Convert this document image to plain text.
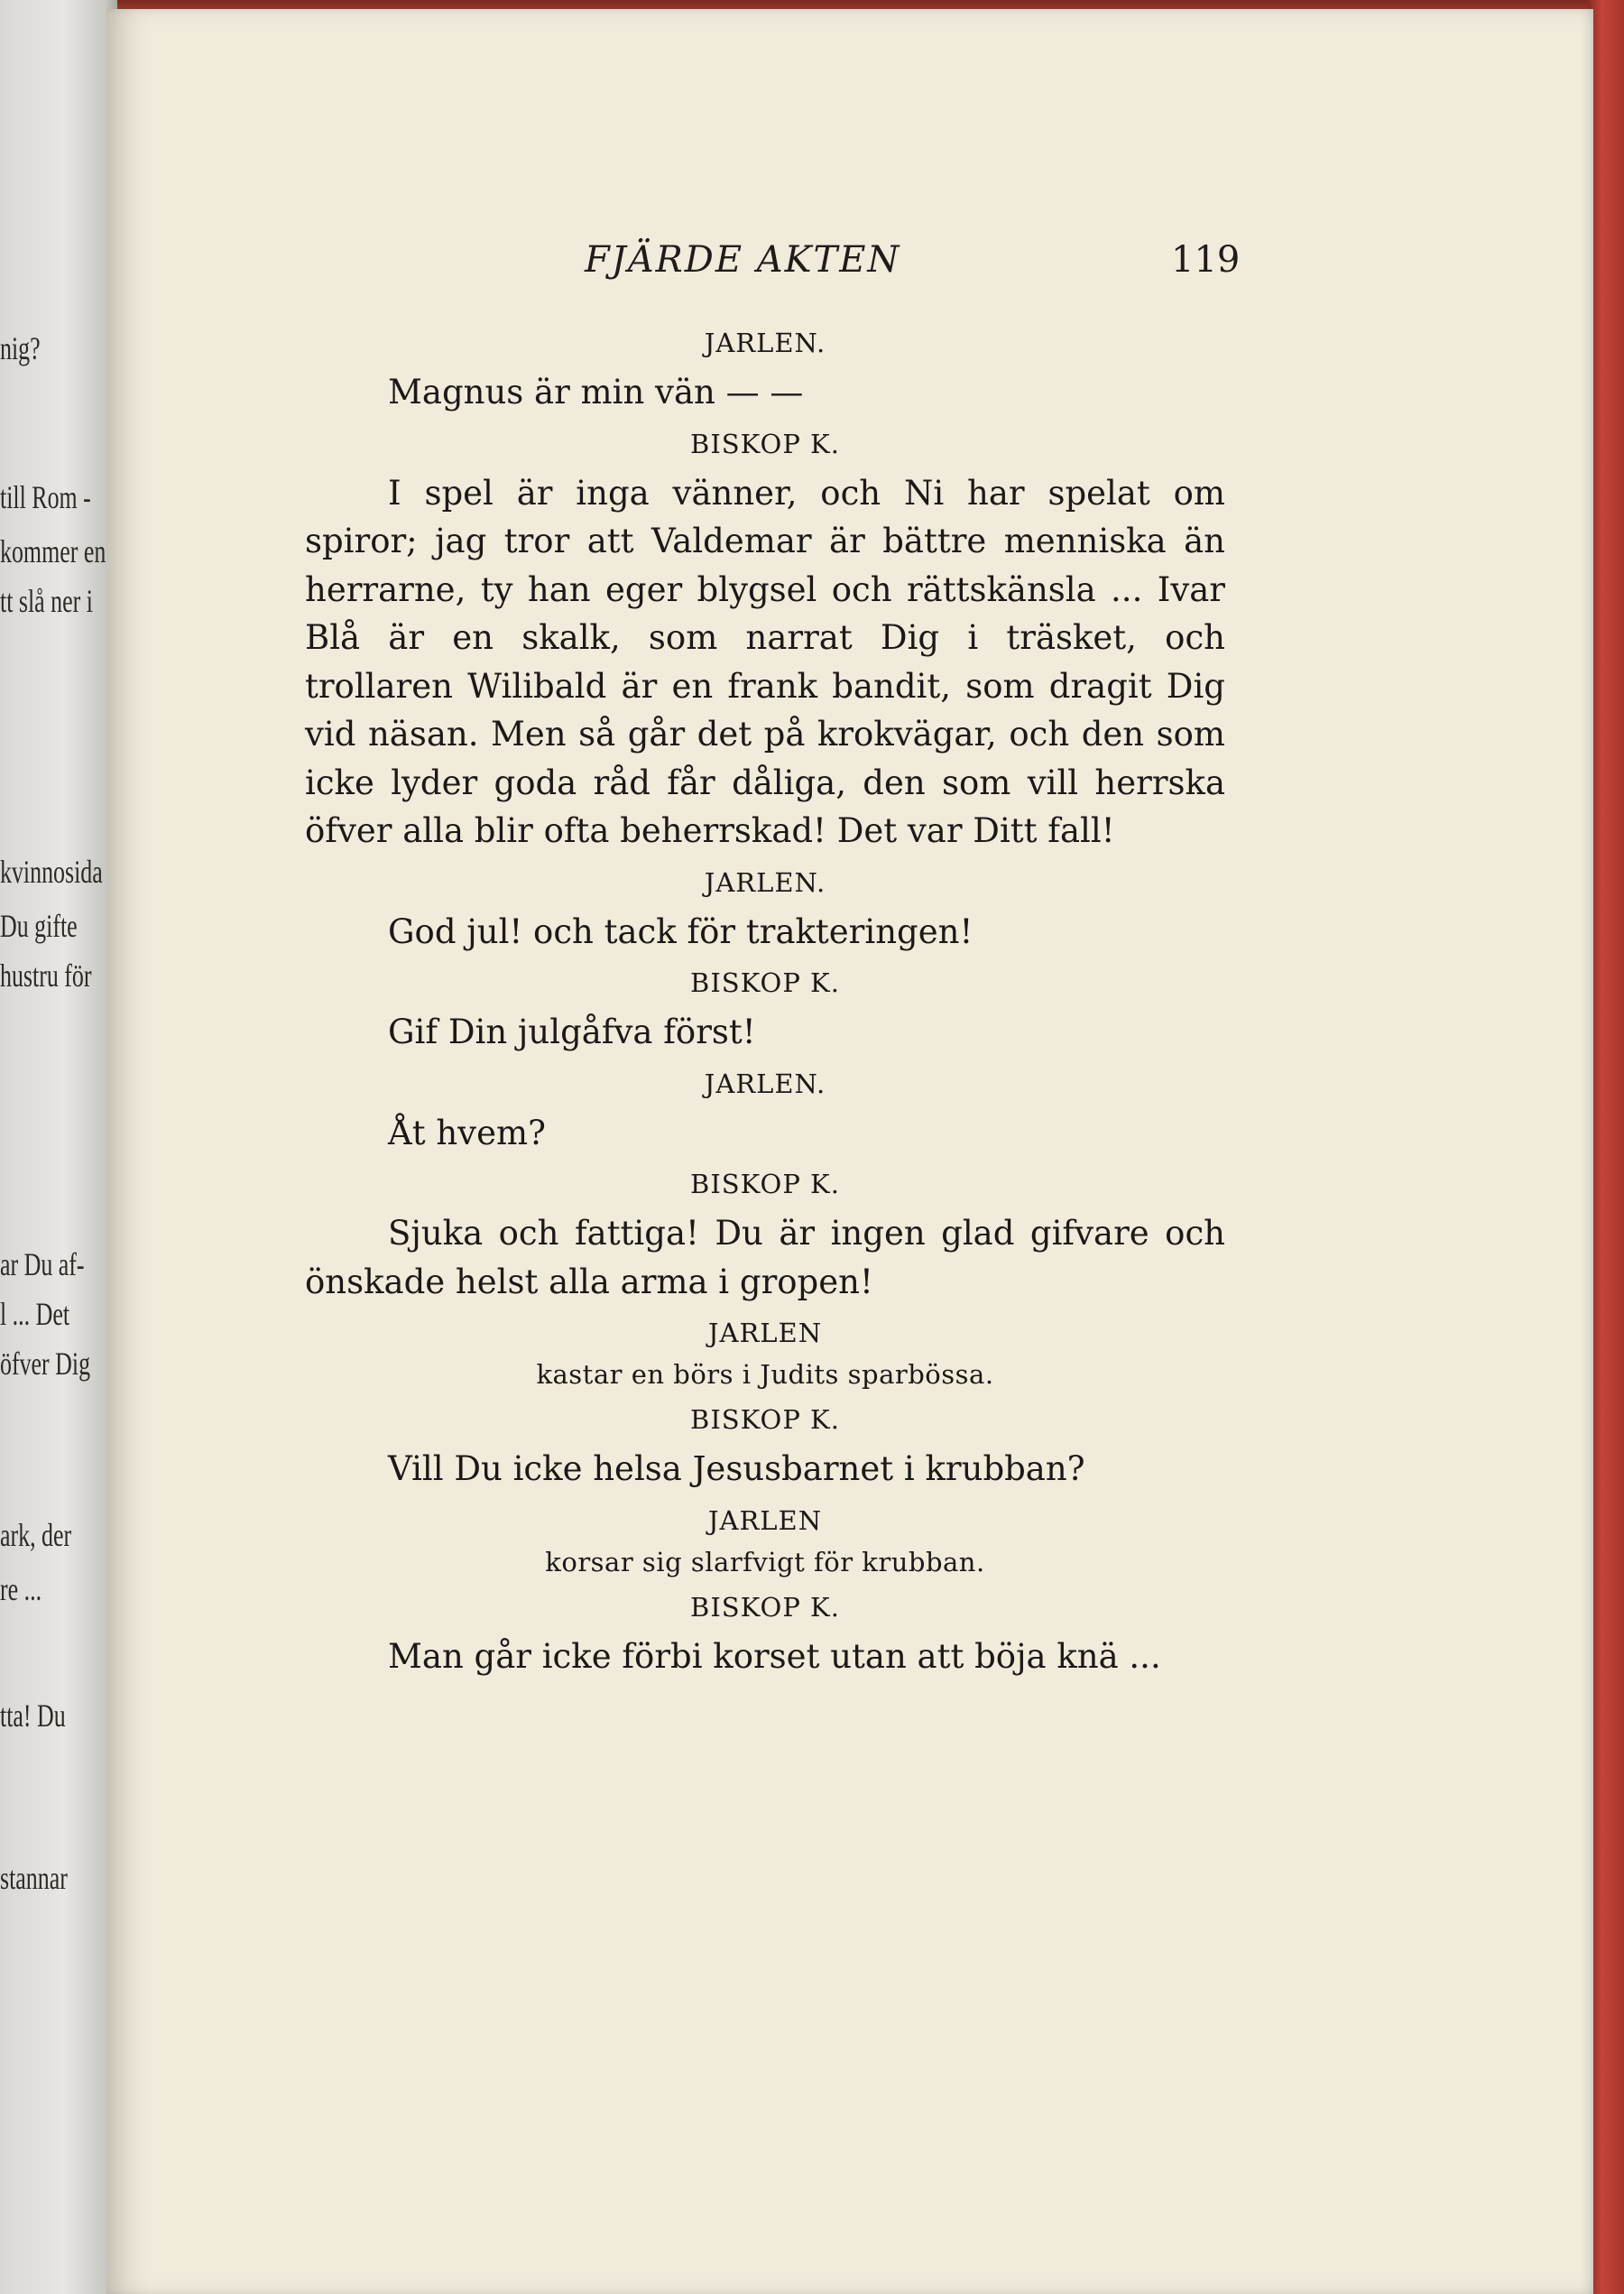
nig?
till Rom -
kommer en
tt slå ner i
kvinnosida
Du gifte
hustru för
ar Du af-
l ... Det
öfver Dig
ark, der
re ...
tta! Du
stannar
FJÄRDE AKTEN	119
JARLEN.
Magnus är min vän — —
BISKOP K.
I spel är inga vänner, och Ni har spelat om spiror; jag tror att Valdemar är bättre menniska än herrarne, ty han eger blygsel och rättskänsla ... Ivar Blå är en skalk, som narrat Dig i träsket, och trollaren Wilibald är en frank bandit, som dragit Dig vid näsan. Men så går det på krokvägar, och den som icke lyder goda råd får dåliga, den som vill herrska öfver alla blir ofta beherrskad! Det var Ditt fall!
JARLEN.
God jul! och tack för trakteringen!
BISKOP K.
Gif Din julgåfva först!
JARLEN.
Åt hvem?
BISKOP K.
Sjuka och fattiga! Du är ingen glad gifvare och önskade helst alla arma i gropen!
JARLEN
kastar en börs i Judits sparbössa.
BISKOP K.
Vill Du icke helsa Jesusbarnet i krubban?
JARLEN
korsar sig slarfvigt för krubban.
BISKOP K.
Man går icke förbi korset utan att böja knä ...
